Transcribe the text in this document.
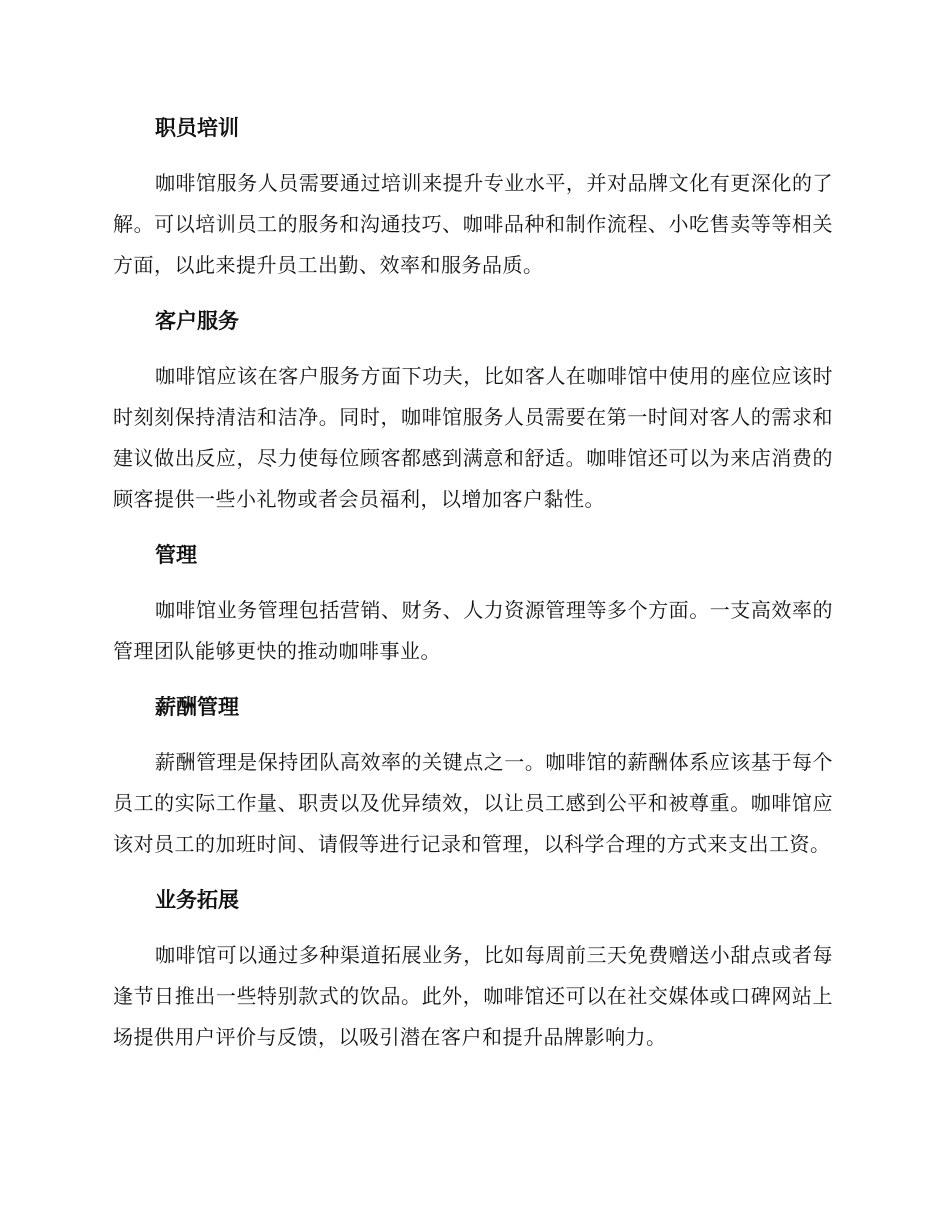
职员培训

咖啡馆服务人员需要通过培训来提升专业水平，并对品牌文化有更深化的了解。可以培训员工的服务和沟通技巧、咖啡品种和制作流程、小吃售卖等等相关方面，以此来提升员工出勤、效率和服务品质。

客户服务

咖啡馆应该在客户服务方面下功夫，比如客人在咖啡馆中使用的座位应该时时刻刻保持清洁和洁净。同时，咖啡馆服务人员需要在第一时间对客人的需求和建议做出反应，尽力使每位顾客都感到满意和舒适。咖啡馆还可以为来店消费的顾客提供一些小礼物或者会员福利，以增加客户黏性。

管理

咖啡馆业务管理包括营销、财务、人力资源管理等多个方面。一支高效率的管理团队能够更快的推动咖啡事业。

薪酬管理

薪酬管理是保持团队高效率的关键点之一。咖啡馆的薪酬体系应该基于每个员工的实际工作量、职责以及优异绩效，以让员工感到公平和被尊重。咖啡馆应该对员工的加班时间、请假等进行记录和管理，以科学合理的方式来支出工资。

业务拓展

咖啡馆可以通过多种渠道拓展业务，比如每周前三天免费赠送小甜点或者每逢节日推出一些特别款式的饮品。此外，咖啡馆还可以在社交媒体或口碑网站上场提供用户评价与反馈，以吸引潜在客户和提升品牌影响力。
